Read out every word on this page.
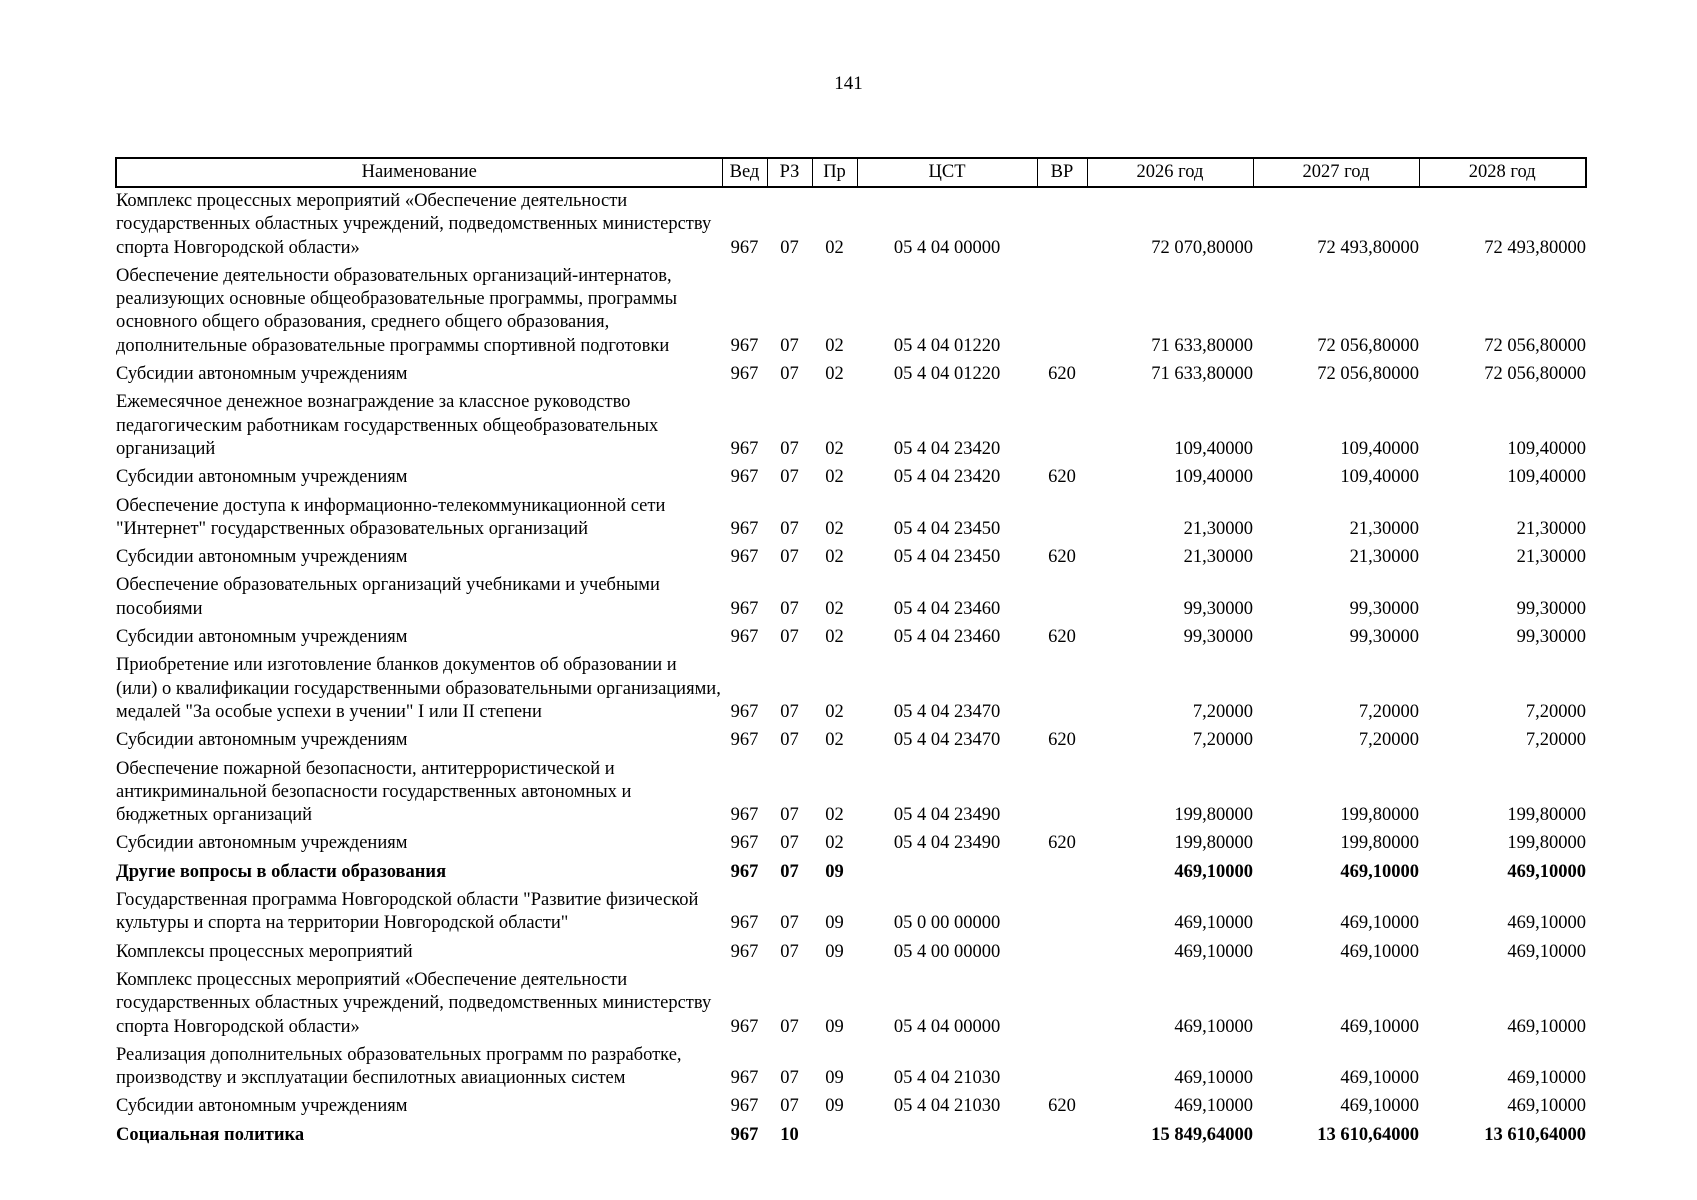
141
Наименование	Вед	РЗ	Пр	ЦСТ	ВР	2026 год	2027 год	2028 год
Комплекс процессных мероприятий «Обеспечение деятельности государственных областных учреждений, подведомственных министерству спорта Новгородской области»	967	07	02	05 4 04 00000		72 070,80000	72 493,80000	72 493,80000
Обеспечение деятельности образовательных организаций-интернатов, реализующих основные общеобразовательные программы, программы основного общего образования, среднего общего образования, дополнительные образовательные программы спортивной подготовки	967	07	02	05 4 04 01220		71 633,80000	72 056,80000	72 056,80000
Субсидии автономным учреждениям	967	07	02	05 4 04 01220	620	71 633,80000	72 056,80000	72 056,80000
Ежемесячное денежное вознаграждение за классное руководство педагогическим работникам государственных общеобразовательных организаций	967	07	02	05 4 04 23420		109,40000	109,40000	109,40000
Субсидии автономным учреждениям	967	07	02	05 4 04 23420	620	109,40000	109,40000	109,40000
Обеспечение доступа к информационно-телекоммуникационной сети "Интернет" государственных образовательных организаций	967	07	02	05 4 04 23450		21,30000	21,30000	21,30000
Субсидии автономным учреждениям	967	07	02	05 4 04 23450	620	21,30000	21,30000	21,30000
Обеспечение образовательных организаций учебниками и учебными пособиями	967	07	02	05 4 04 23460		99,30000	99,30000	99,30000
Субсидии автономным учреждениям	967	07	02	05 4 04 23460	620	99,30000	99,30000	99,30000
Приобретение или изготовление бланков документов об образовании и (или) о квалификации государственными образовательными организациями, медалей "За особые успехи в учении" I или II степени	967	07	02	05 4 04 23470		7,20000	7,20000	7,20000
Субсидии автономным учреждениям	967	07	02	05 4 04 23470	620	7,20000	7,20000	7,20000
Обеспечение пожарной безопасности, антитеррористической и антикриминальной безопасности государственных автономных и бюджетных организаций	967	07	02	05 4 04 23490		199,80000	199,80000	199,80000
Субсидии автономным учреждениям	967	07	02	05 4 04 23490	620	199,80000	199,80000	199,80000
Другие вопросы в области образования	967	07	09			469,10000	469,10000	469,10000
Государственная программа Новгородской области "Развитие физической культуры и спорта на территории Новгородской области"	967	07	09	05 0 00 00000		469,10000	469,10000	469,10000
Комплексы процессных мероприятий	967	07	09	05 4 00 00000		469,10000	469,10000	469,10000
Комплекс процессных мероприятий «Обеспечение деятельности государственных областных учреждений, подведомственных министерству спорта Новгородской области»	967	07	09	05 4 04 00000		469,10000	469,10000	469,10000
Реализация дополнительных образовательных программ по разработке, производству и эксплуатации беспилотных авиационных систем	967	07	09	05 4 04 21030		469,10000	469,10000	469,10000
Субсидии автономным учреждениям	967	07	09	05 4 04 21030	620	469,10000	469,10000	469,10000
Социальная политика	967	10				15 849,64000	13 610,64000	13 610,64000
